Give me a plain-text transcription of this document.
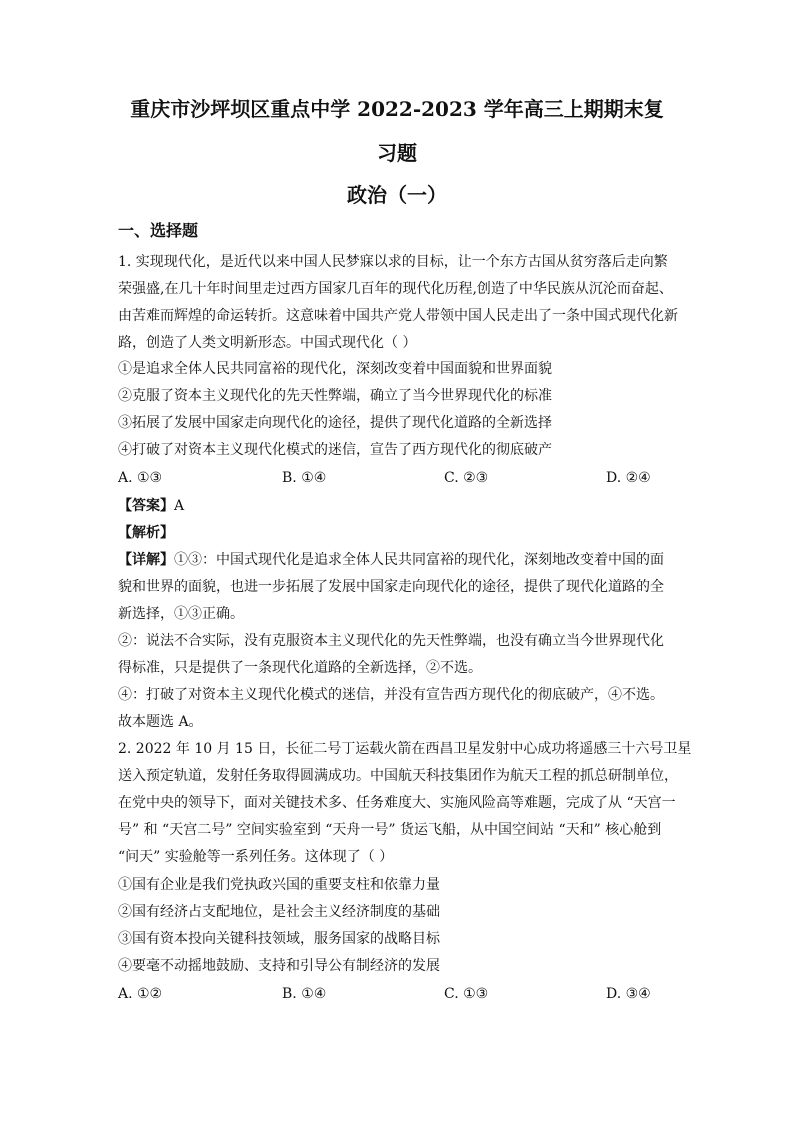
重庆市沙坪坝区重点中学 2022-2023 学年高三上期期末复
习题
政治（一）
一、选择题
1. 实现现代化，是近代以来中国人民梦寐以求的目标，让一个东方古国从贫穷落后走向繁
荣强盛,在几十年时间里走过西方国家几百年的现代化历程,创造了中华民族从沉沦而奋起、
由苦难而辉煌的命运转折。这意味着中国共产党人带领中国人民走出了一条中国式现代化新
路，创造了人类文明新形态。中国式现代化（ ）
①是追求全体人民共同富裕的现代化，深刻改变着中国面貌和世界面貌
②克服了资本主义现代化的先天性弊端，确立了当今世界现代化的标准
③拓展了发展中国家走向现代化的途径，提供了现代化道路的全新选择
④打破了对资本主义现代化模式的迷信，宣告了西方现代化的彻底破产
A. ①③	B. ①④	C. ②③	D. ②④
【答案】A
【解析】
【详解】①③：中国式现代化是追求全体人民共同富裕的现代化，深刻地改变着中国的面
貌和世界的面貌，也进一步拓展了发展中国家走向现代化的途径，提供了现代化道路的全
新选择，①③正确。
②：说法不合实际，没有克服资本主义现代化的先天性弊端，也没有确立当今世界现代化
得标准，只是提供了一条现代化道路的全新选择，②不选。
④：打破了对资本主义现代化模式的迷信，并没有宣告西方现代化的彻底破产，④不选。
故本题选 A。
2. 2022 年 10 月 15 日，长征二号丁运载火箭在西昌卫星发射中心成功将遥感三十六号卫星
送入预定轨道，发射任务取得圆满成功。中国航天科技集团作为航天工程的抓总研制单位，
在党中央的领导下，面对关键技术多、任务难度大、实施风险高等难题，完成了从 “天宫一
号” 和 “天宫二号” 空间实验室到 “天舟一号” 货运飞船，从中国空间站 “天和” 核心舱到
“问天” 实验舱等一系列任务。这体现了（ ）
①国有企业是我们党执政兴国的重要支柱和依靠力量
②国有经济占支配地位，是社会主义经济制度的基础
③国有资本投向关键科技领域，服务国家的战略目标
④要毫不动摇地鼓励、支持和引导公有制经济的发展
A. ①②	B. ①④	C. ①③	D. ③④
